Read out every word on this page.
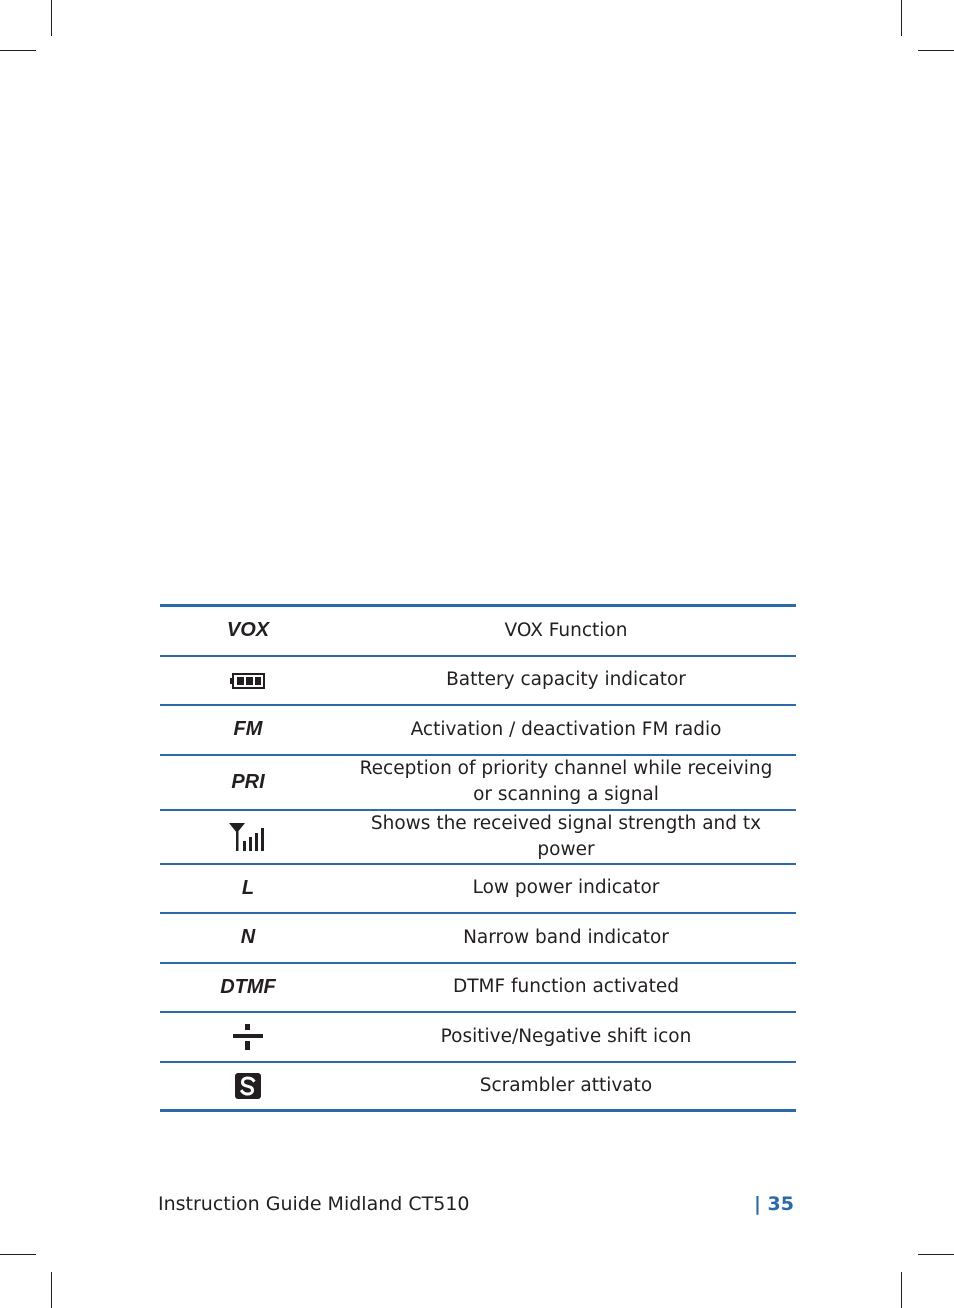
VOX	VOX Function
	Battery capacity indicator
FM	Activation / deactivation FM radio
PRI	Reception of priority channel while receiving or scanning a signal
	Shows the received signal strength and tx power
L	Low power indicator
N	Narrow band indicator
DTMF	DTMF function activated
	Positive/Negative shift icon
	Scrambler attivato
Instruction Guide Midland CT510	| 35
